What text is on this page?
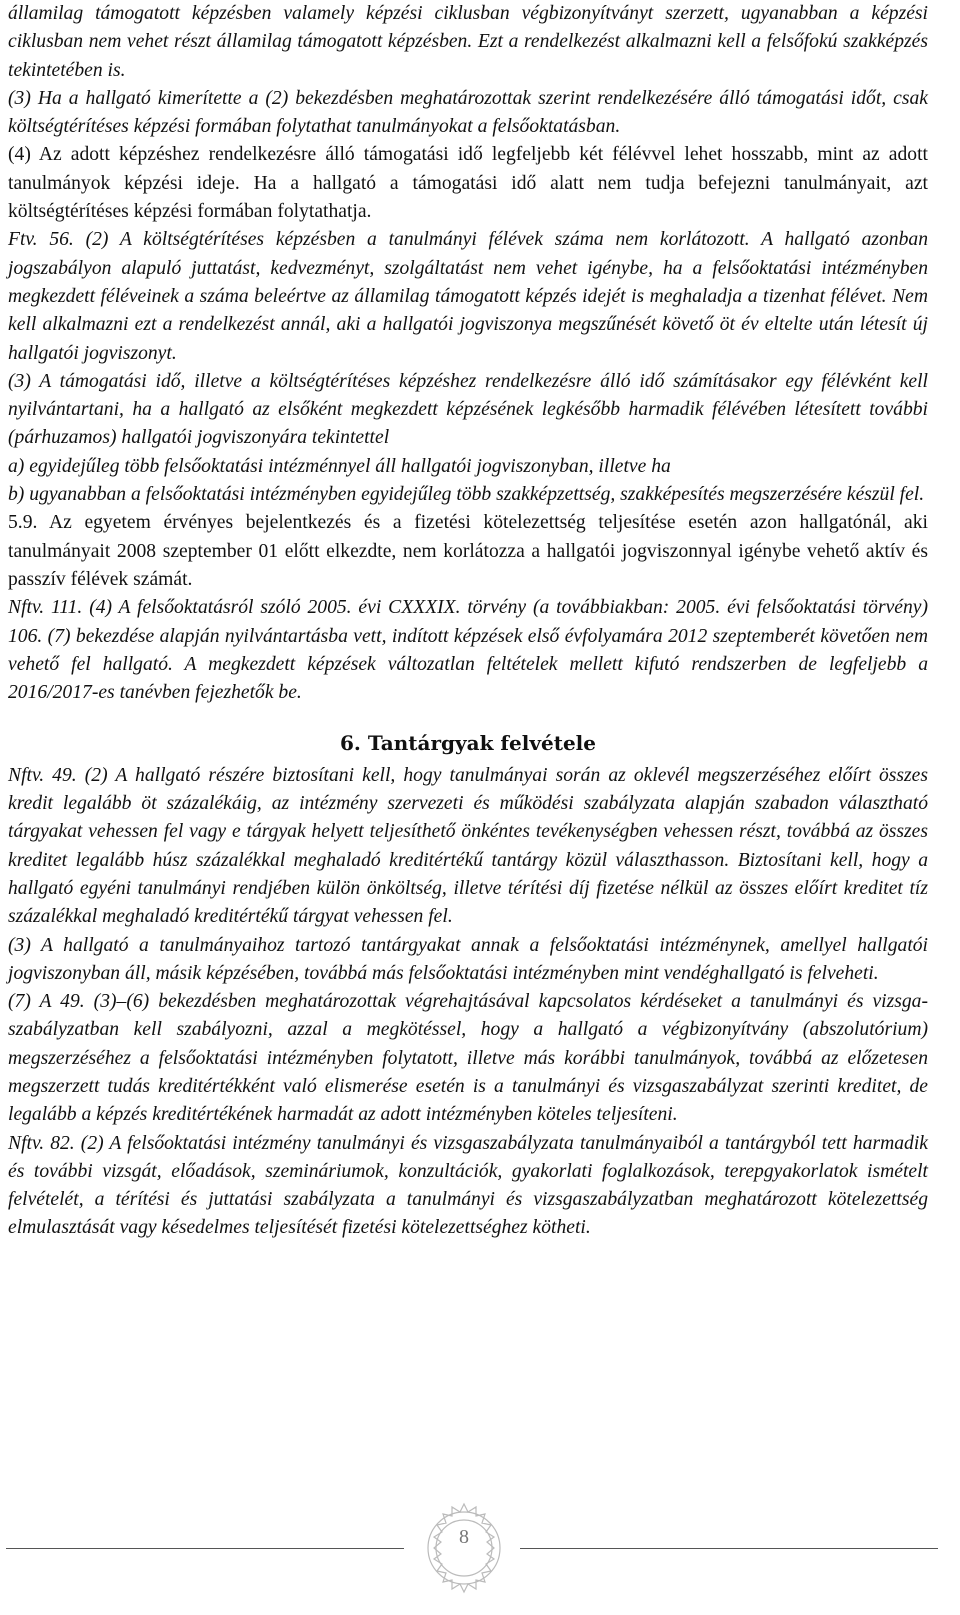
államilag támogatott képzésben valamely képzési ciklusban végbizonyítványt szerzett, ugyanabban a képzési ciklusban nem vehet részt államilag támogatott képzésben. Ezt a rendelkezést alkalmazni kell a felsőfokú szakképzés tekintetében is.

(3) Ha a hallgató kimerítette a (2) bekezdésben meghatározottak szerint rendelkezésére álló támogatási időt, csak költségtérítéses képzési formában folytathat tanulmányokat a felsőoktatásban.

(4) Az adott képzéshez rendelkezésre álló támogatási idő legfeljebb két félévvel lehet hosszabb, mint az adott tanulmányok képzési ideje. Ha a hallgató a támogatási idő alatt nem tudja befejezni tanulmányait, azt költségtérítéses képzési formában folytathatja.

Ftv. 56. (2) A költségtérítéses képzésben a tanulmányi félévek száma nem korlátozott. A hallgató azonban jogszabályon alapuló juttatást, kedvezményt, szolgáltatást nem vehet igénybe, ha a felsőoktatási intézményben megkezdett féléveinek a száma beleértve az államilag támogatott képzés idejét is meghaladja a tizenhat félévet. Nem kell alkalmazni ezt a rendelkezést annál, aki a hallgatói jogviszonya megszűnését követő öt év eltelte után létesít új hallgatói jogviszonyt.

(3) A támogatási idő, illetve a költségtérítéses képzéshez rendelkezésre álló idő számításakor egy félévként kell nyilvántartani, ha a hallgató az elsőként megkezdett képzésének legkésőbb harmadik félévében létesített további (párhuzamos) hallgatói jogviszonyára tekintettel

a) egyidejűleg több felsőoktatási intézménnyel áll hallgatói jogviszonyban, illetve ha

b) ugyanabban a felsőoktatási intézményben egyidejűleg több szakképzettség, szakképesítés megszerzésére készül fel.

5.9. Az egyetem érvényes bejelentkezés és a fizetési kötelezettség teljesítése esetén azon hallgatónál, aki tanulmányait 2008 szeptember 01 előtt elkezdte, nem korlátozza a hallgatói jogviszonnyal igénybe vehető aktív és passzív félévek számát.

Nftv. 111. (4) A felsőoktatásról szóló 2005. évi CXXXIX. törvény (a továbbiakban: 2005. évi felsőoktatási törvény) 106. (7) bekezdése alapján nyilvántartásba vett, indított képzések első évfolyamára 2012 szeptemberét követően nem vehető fel hallgató. A megkezdett képzések változatlan feltételek mellett kifutó rendszerben de legfeljebb a 2016/2017-es tanévben fejezhetők be.

6. Tantárgyak felvétele

Nftv. 49. (2) A hallgató részére biztosítani kell, hogy tanulmányai során az oklevél megszerzéséhez előírt összes kredit legalább öt százalékáig, az intézmény szervezeti és működési szabályzata alapján szabadon választható tárgyakat vehessen fel vagy e tárgyak helyett teljesíthető önkéntes tevékenységben vehessen részt, továbbá az összes kreditet legalább húsz százalékkal meghaladó kreditértékű tantárgy közül választhasson. Biztosítani kell, hogy a hallgató egyéni tanulmányi rendjében külön önköltség, illetve térítési díj fizetése nélkül az összes előírt kreditet tíz százalékkal meghaladó kreditértékű tárgyat vehessen fel.

(3) A hallgató a tanulmányaihoz tartozó tantárgyakat annak a felsőoktatási intézménynek, amellyel hallgatói jogviszonyban áll, másik képzésében, továbbá más felsőoktatási intézményben mint vendéghallgató is felveheti.

(7) A 49. (3)–(6) bekezdésben meghatározottak végrehajtásával kapcsolatos kérdéseket a tanulmányi és vizsga-szabályzatban kell szabályozni, azzal a megkötéssel, hogy a hallgató a végbizonyítvány (abszolutórium) megszerzéséhez a felsőoktatási intézményben folytatott, illetve más korábbi tanulmányok, továbbá az előzetesen megszerzett tudás kreditértékként való elismerése esetén is a tanulmányi és vizsgaszabályzat szerinti kreditet, de legalább a képzés kreditértékének harmadát az adott intézményben köteles teljesíteni.

Nftv. 82. (2) A felsőoktatási intézmény tanulmányi és vizsgaszabályzata tanulmányaiból a tantárgyból tett harmadik és további vizsgát, előadások, szemináriumok, konzultációk, gyakorlati foglalkozások, terepgyakorlatok ismételt felvételét, a térítési és juttatási szabályzata a tanulmányi és vizsgaszabályzatban meghatározott kötelezettség elmulasztását vagy késedelmes teljesítését fizetési kötelezettséghez kötheti.

8
